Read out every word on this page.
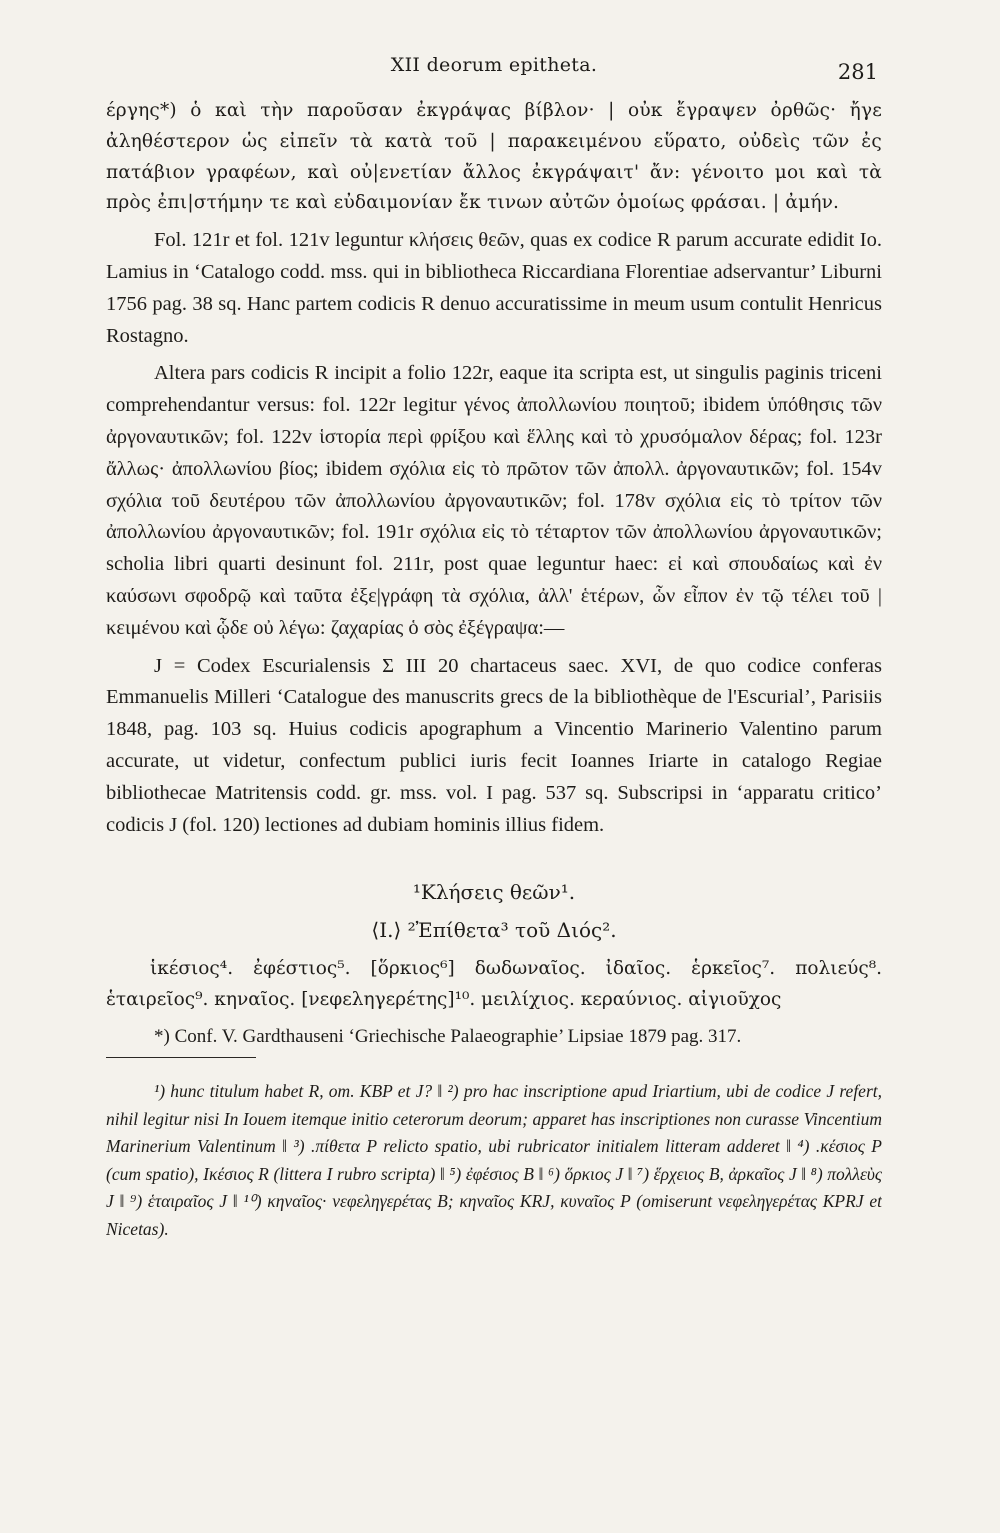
XII deorum epitheta.	281

έργης*) ὁ καὶ τὴν παροῦσαν ἐκγράψας βίβλον· | οὐκ ἔγραψεν ὀρθῶς· ἤγε ἀληθέστερον ὡς εἰπεῖν τὰ κατὰ τοῦ | παρακειμένου εὕρατο, οὐδεὶς τῶν ἐς πατάβιον γραφέων, καὶ οὐ|ενετίαν ἄλλος ἐκγράψαιτ' ἄν: γένοιτο μοι καὶ τὰ πρὸς ἐπι|στήμην τε καὶ εὐδαιμονίαν ἔκ τινων αὐτῶν ὁμοίως φράσαι. | ἀμήν.

Fol. 121r et fol. 121v leguntur κλήσεις θεῶν, quas ex codice R parum accurate edidit Io. Lamius in ‘Catalogo codd. mss. qui in bibliotheca Riccardiana Florentiae adservantur’ Liburni 1756 pag. 38 sq. Hanc partem codicis R denuo accuratissime in meum usum contulit Henricus Rostagno.

Altera pars codicis R incipit a folio 122r, eaque ita scripta est, ut singulis paginis triceni comprehendantur versus: fol. 122r legitur γένος ἀπολλωνίου ποιητοῦ; ibidem ὑπόθησις τῶν ἀργοναυτικῶν; fol. 122v ἱστορία περὶ φρίξου καὶ ἕλλης καὶ τὸ χρυσόμαλον δέρας; fol. 123r ἄλλως· ἀπολλωνίου βίος; ibidem σχόλια εἰς τὸ πρῶτον τῶν ἀπολλ. ἀργοναυτικῶν; fol. 154v σχόλια τοῦ δευτέρου τῶν ἀπολλωνίου ἀργοναυτικῶν; fol. 178v σχόλια εἰς τὸ τρίτον τῶν ἀπολλωνίου ἀργοναυτικῶν; fol. 191r σχόλια εἰς τὸ τέταρτον τῶν ἀπολλωνίου ἀργοναυτικῶν; scholia libri quarti desinunt fol. 211r, post quae leguntur haec: εἰ καὶ σπουδαίως καὶ ἐν καύσωνι σφοδρῷ καὶ ταῦτα ἐξε|γράφη τὰ σχόλια, ἀλλ' ἑτέρων, ὧν εἶπον ἐν τῷ τέλει τοῦ | κειμένου καὶ ᾧδε οὐ λέγω: ζαχαρίας ὁ σὸς ἐξέγραψα:—

J = Codex Escurialensis Σ III 20 chartaceus saec. XVI, de quo codice conferas Emmanuelis Milleri ‘Catalogue des manuscrits grecs de la bibliothèque de l'Escurial’, Parisiis 1848, pag. 103 sq. Huius codicis apographum a Vincentio Marinerio Valentino parum accurate, ut videtur, confectum publici iuris fecit Ioannes Iriarte in catalogo Regiae bibliothecae Matritensis codd. gr. mss. vol. I pag. 537 sq. Subscripsi in ‘apparatu critico’ codicis J (fol. 120) lectiones ad dubiam hominis illius fidem.

¹Κλήσεις θεῶν¹.

⟨I.⟩ ²Ἐπίθετα³ τοῦ Διός².

ἱκέσιος⁴. ἐφέστιος⁵. [ὅρκιος⁶] δωδωναῖος. ἰδαῖος. ἑρκεῖος⁷. πολιεύς⁸. ἑταιρεῖος⁹. κηναῖος. [νεφεληγερέτης]¹⁰. μειλίχιος. κεραύνιος. αἰγιοῦχος

*) Conf. V. Gardthauseni ‘Griechische Palaeographie’ Lipsiae 1879 pag. 317.

¹) hunc titulum habet R, om. KBP et J? ‖ ²) pro hac inscriptione apud Iriartium, ubi de codice J refert, nihil legitur nisi In Iouem itemque initio ceterorum deorum; apparet has inscriptiones non curasse Vincentium Marinerium Valentinum ‖ ³) .πίθετα P relicto spatio, ubi rubricator initialem litteram adderet ‖ ⁴) .κέσιος P (cum spatio), Ικέσιος R (littera I rubro scripta) ‖ ⁵) ἐφέσιος B ‖ ⁶) ὅρκιος J ‖ ⁷) ἕρχειος B, ἀρκαῖος J ‖ ⁸) πολλεὺς J ‖ ⁹) ἑταιραῖος J ‖ ¹⁰) κηναῖος· νεφεληγερέτας B; κηναῖος KRJ, κυναῖος P (omiserunt νεφεληγερέτας KPRJ et Nicetas).
